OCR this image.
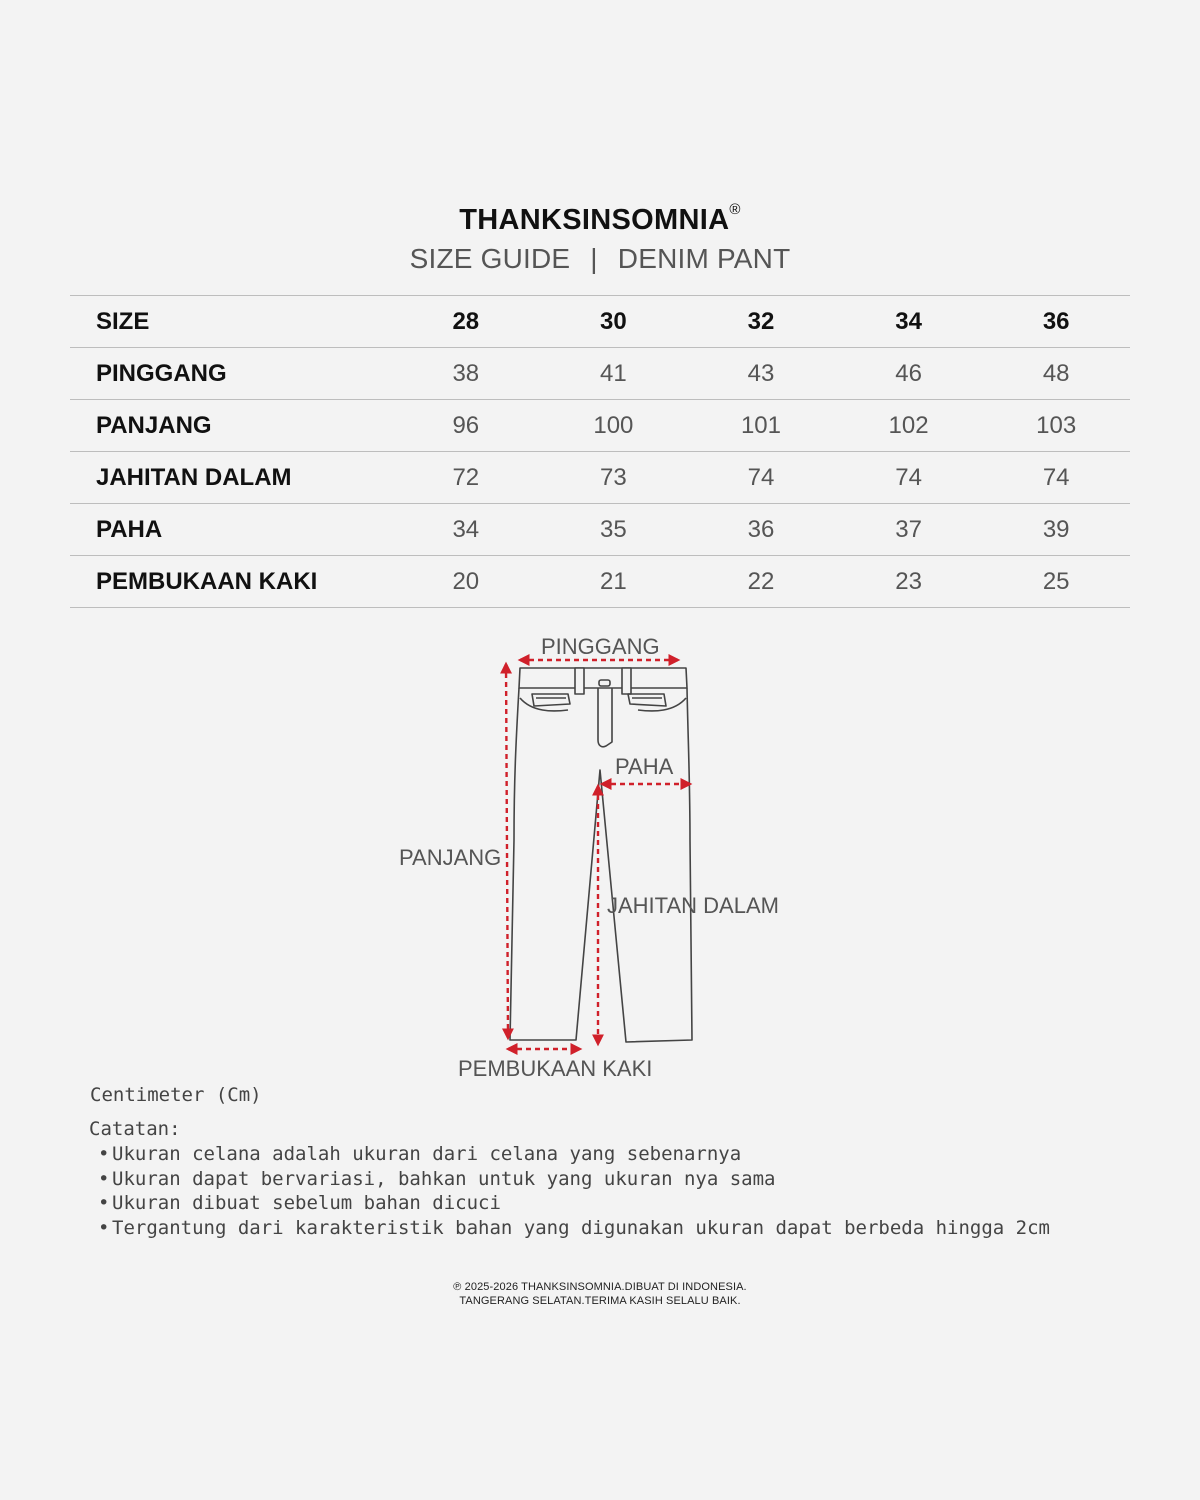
THANKSINSOMNIA®
SIZE GUIDE | DENIM PANT
SIZE	28	30	32	34	36
PINGGANG	38	41	43	46	48
PANJANG	96	100	101	102	103
JAHITAN DALAM	72	73	74	74	74
PAHA	34	35	36	37	39
PEMBUKAAN KAKI	20	21	22	23	25
PINGGANG
PAHA
PANJANG
JAHITAN DALAM
PEMBUKAAN KAKI
Centimeter (Cm)
Catatan:
• Ukuran celana adalah ukuran dari celana yang sebenarnya
• Ukuran dapat bervariasi, bahkan untuk yang ukuran nya sama
• Ukuran dibuat sebelum bahan dicuci
• Tergantung dari karakteristik bahan yang digunakan ukuran dapat berbeda hingga 2cm
℗ 2025-2026 THANKSINSOMNIA.DIBUAT DI INDONESIA.
TANGERANG SELATAN.TERIMA KASIH SELALU BAIK.
